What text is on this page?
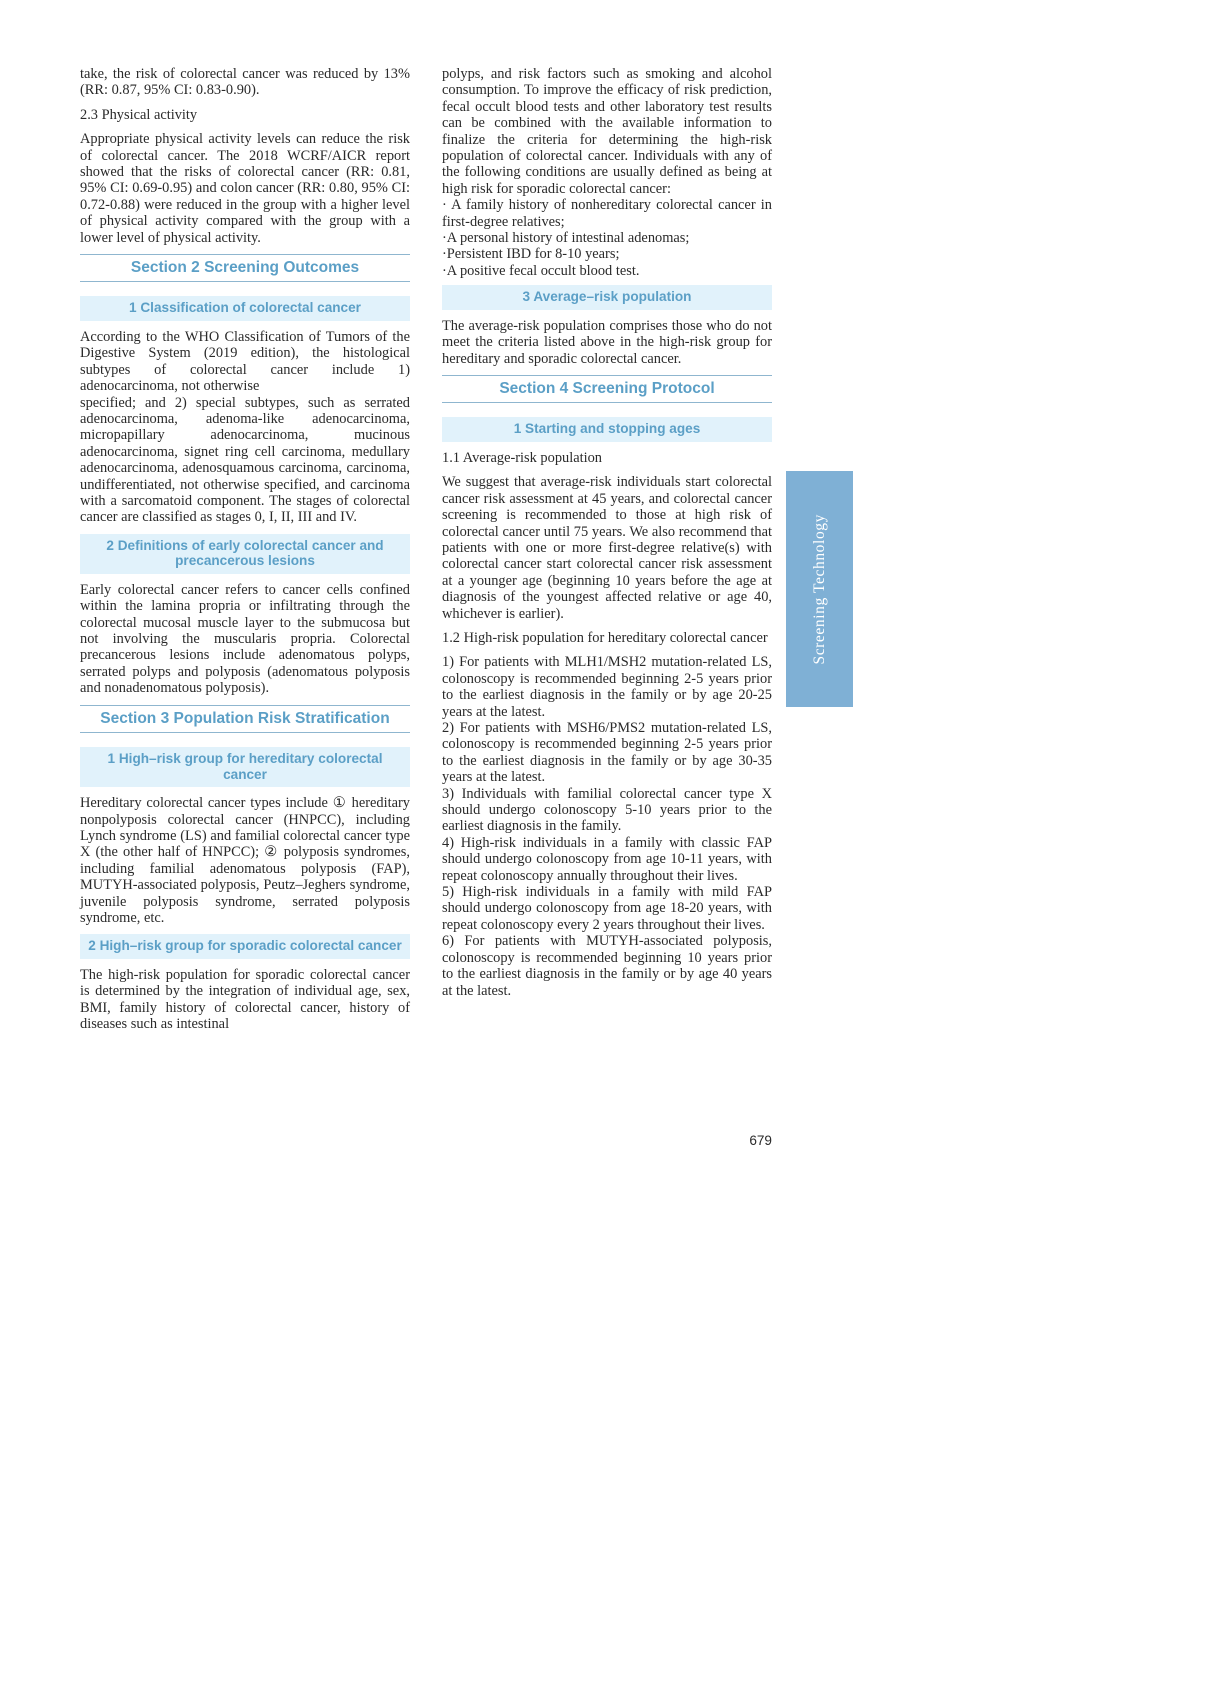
take, the risk of colorectal cancer was reduced by 13% (RR: 0.87, 95% CI: 0.83-0.90).

2.3 Physical activity

Appropriate physical activity levels can reduce the risk of colorectal cancer. The 2018 WCRF/AICR report showed that the risks of colorectal cancer (RR: 0.81, 95% CI: 0.69-0.95) and colon cancer (RR: 0.80, 95% CI: 0.72-0.88) were reduced in the group with a higher level of physical activity compared with the group with a lower level of physical activity.

Section 2 Screening Outcomes
1 Classification of colorectal cancer

According to the WHO Classification of Tumors of the Digestive System (2019 edition), the histological subtypes of colorectal cancer include 1) adenocarcinoma, not otherwise

specified; and 2) special subtypes, such as serrated adenocarcinoma, adenoma-like adenocarcinoma, micropapillary adenocarcinoma, mucinous adenocarcinoma, signet ring cell carcinoma, medullary adenocarcinoma, adenosquamous carcinoma, carcinoma, undifferentiated, not otherwise specified, and carcinoma with a sarcomatoid component. The stages of colorectal cancer are classified as stages 0, I, II, III and IV.

2 Definitions of early colorectal cancer and precancerous lesions

Early colorectal cancer refers to cancer cells confined within the lamina propria or infiltrating through the colorectal mucosal muscle layer to the submucosa but not involving the muscularis propria. Colorectal precancerous lesions include adenomatous polyps, serrated polyps and polyposis (adenomatous polyposis and nonadenomatous polyposis).

Section 3 Population Risk Stratification
1 High–risk group for hereditary colorectal cancer

Hereditary colorectal cancer types include ① hereditary nonpolyposis colorectal cancer (HNPCC), including Lynch syndrome (LS) and familial colorectal cancer type X (the other half of HNPCC); ② polyposis syndromes, including familial adenomatous polyposis (FAP), MUTYH-associated polyposis, Peutz–Jeghers syndrome, juvenile polyposis syndrome, serrated polyposis syndrome, etc.

2 High–risk group for sporadic colorectal cancer

The high-risk population for sporadic colorectal cancer is determined by the integration of individual age, sex, BMI, family history of colorectal cancer, history of diseases such as intestinal

polyps, and risk factors such as smoking and alcohol consumption. To improve the efficacy of risk prediction, fecal occult blood tests and other laboratory test results can be combined with the available information to finalize the criteria for determining the high-risk population of colorectal cancer. Individuals with any of the following conditions are usually defined as being at high risk for sporadic colorectal cancer:

· A family history of nonhereditary colorectal cancer in first-degree relatives;

·A personal history of intestinal adenomas;

·Persistent IBD for 8-10 years;

·A positive fecal occult blood test.

3 Average–risk population

The average-risk population comprises those who do not meet the criteria listed above in the high-risk group for hereditary and sporadic colorectal cancer.

Section 4 Screening Protocol
1 Starting and stopping ages

1.1 Average-risk population

We suggest that average-risk individuals start colorectal cancer risk assessment at 45 years, and colorectal cancer screening is recommended to those at high risk of colorectal cancer until 75 years. We also recommend that patients with one or more first-degree relative(s) with colorectal cancer start colorectal cancer risk assessment at a younger age (beginning 10 years before the age at diagnosis of the youngest affected relative or age 40, whichever is earlier).

1.2 High-risk population for hereditary colorectal cancer

1) For patients with MLH1/MSH2 mutation-related LS, colonoscopy is recommended beginning 2-5 years prior to the earliest diagnosis in the family or by age 20-25 years at the latest.

2) For patients with MSH6/PMS2 mutation-related LS, colonoscopy is recommended beginning 2-5 years prior to the earliest diagnosis in the family or by age 30-35 years at the latest.

3) Individuals with familial colorectal cancer type X should undergo colonoscopy 5-10 years prior to the earliest diagnosis in the family.

4) High-risk individuals in a family with classic FAP should undergo colonoscopy from age 10-11 years, with repeat colonoscopy annually throughout their lives.

5) High-risk individuals in a family with mild FAP should undergo colonoscopy from age 18-20 years, with repeat colonoscopy every 2 years throughout their lives.

6) For patients with MUTYH-associated polyposis, colonoscopy is recommended beginning 10 years prior to the earliest diagnosis in the family or by age 40 years at the latest.

Screening Technology
679
